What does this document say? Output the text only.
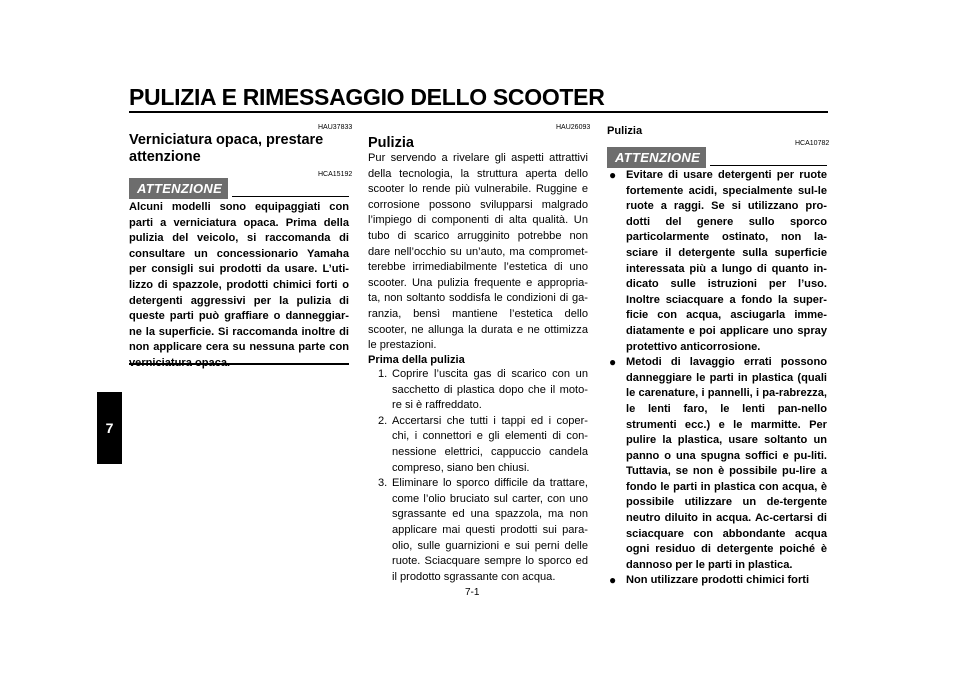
PULIZIA E RIMESSAGGIO DELLO SCOOTER
7
HAU37833
Verniciatura opaca, prestare attenzione
HCA15192
ATTENZIONE

Alcuni modelli sono equipaggiati con parti a verniciatura opaca. Prima della pulizia del veicolo, si raccomanda di consultare un concessionario Yamaha per consigli sui prodotti da usare. L’uti-lizzo di spazzole, prodotti chimici forti o detergenti aggressivi per la pulizia di queste parti può graffiare o danneggiar-ne la superficie. Si raccomanda inoltre di non applicare cera su nessuna parte con

HAU26093
Pulizia

Pur servendo a rivelare gli aspetti attrattivi della tecnologia, la struttura aperta dello scooter lo rende più vulnerabile. Ruggine e corrosione possono svilupparsi malgrado l’impiego di componenti di alta qualità. Un tubo di scarico arrugginito potrebbe non dare nell’occhio su un’auto, ma compromet-terebbe irrimediabilmente l’estetica di uno scooter. Una pulizia frequente e appropria-ta, non soltanto soddisfa le condizioni di ga-ranzia, bensì mantiene l’estetica dello scooter, ne allunga la durata e ne ottimizza le prestazioni.

Prima della pulizia

1. Coprire l’uscita gas di scarico con un sacchetto di plastica dopo che il moto-re si è raffreddato.
2. Accertarsi che tutti i tappi ed i coper-chi, i connettori e gli elementi di con-nessione elettrici, cappuccio candela compreso, siano ben chiusi.
3. Eliminare lo sporco difficile da trattare, come l’olio bruciato sul carter, con uno sgrassante ed una spazzola, ma non applicare mai questi prodotti sui para-olio, sulle guarnizioni e sui perni delle ruote. Sciacquare sempre lo sporco ed il prodotto sgrassante con acqua.

Pulizia

HCA10782
ATTENZIONE
● Evitare di usare detergenti per ruote fortemente acidi, specialmente sul-le ruote a raggi. Se si utilizzano pro-dotti del genere sullo sporco particolarmente ostinato, non la-sciare il detergente sulla superficie interessata più a lungo di quanto in-dicato sulle istruzioni per l’uso. Inoltre sciacquare a fondo la super-ficie con acqua, asciugarla imme-diatamente e poi applicare uno spray protettivo anticorrosione.
● Metodi di lavaggio errati possono danneggiare le parti in plastica (quali le carenature, i pannelli, i pa-rabrezza, le lenti faro, le lenti pan-nello strumenti ecc.) e le marmitte. Per pulire la plastica, usare soltanto un panno o una spugna soffici e pu-liti. Tuttavia, se non è possibile pu-lire a fondo le parti in plastica con acqua, è possibile utilizzare un de-tergente neutro diluito in acqua. Ac-certarsi di sciacquare con abbondante acqua ogni residuo di detergente poiché è dannoso per le parti in plastica.
● Non utilizzare prodotti chimici forti
7-1
